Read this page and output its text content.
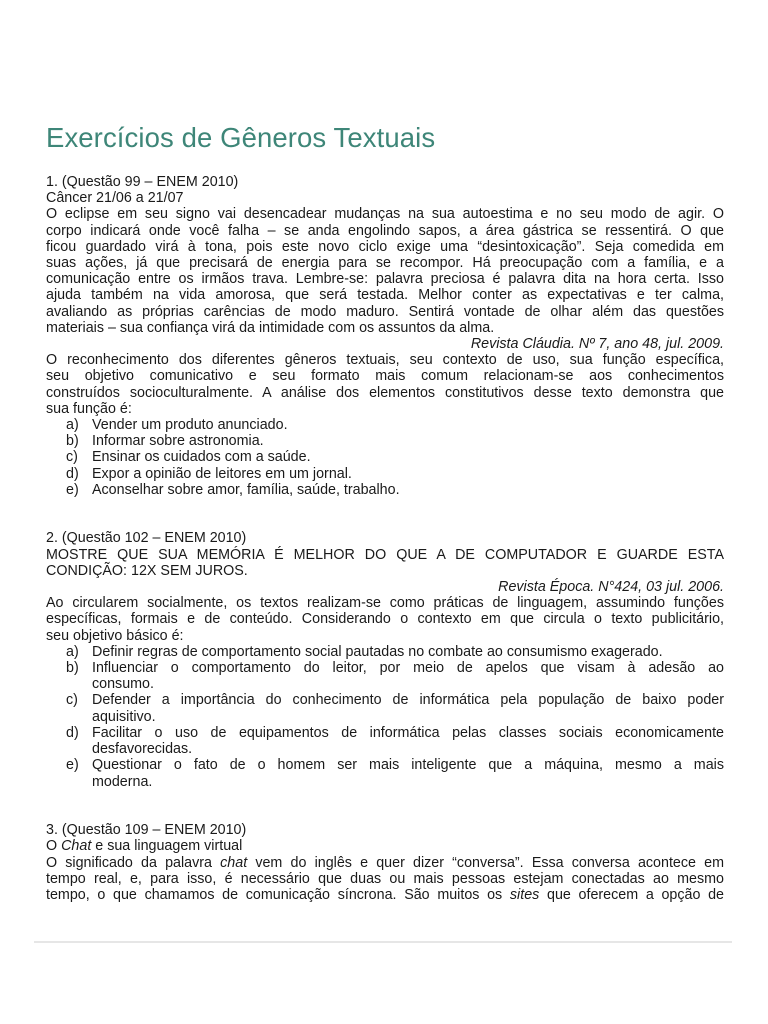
Exercícios de Gêneros Textuais
1. (Questão 99 – ENEM 2010)
Câncer 21/06 a 21/07
O eclipse em seu signo vai desencadear mudanças na sua autoestima e no seu modo de agir. O
corpo indicará onde você falha – se anda engolindo sapos, a área gástrica se ressentirá. O que
ficou guardado virá à tona, pois este novo ciclo exige uma “desintoxicação”. Seja comedida em
suas ações, já que precisará de energia para se recompor. Há preocupação com a família, e a
comunicação entre os irmãos trava. Lembre-se: palavra preciosa é palavra dita na hora certa. Isso
ajuda também na vida amorosa, que será testada. Melhor conter as expectativas e ter calma,
avaliando as próprias carências de modo maduro. Sentirá vontade de olhar além das questões
materiais – sua confiança virá da intimidade com os assuntos da alma.
Revista Cláudia. Nº 7, ano 48, jul. 2009.
O reconhecimento dos diferentes gêneros textuais, seu contexto de uso, sua função específica,
seu objetivo comunicativo e seu formato mais comum relacionam-se aos conhecimentos
construídos socioculturalmente. A análise dos elementos constitutivos desse texto demonstra que
sua função é:
a) Vender um produto anunciado.
b) Informar sobre astronomia.
c) Ensinar os cuidados com a saúde.
d) Expor a opinião de leitores em um jornal.
e) Aconselhar sobre amor, família, saúde, trabalho.
2. (Questão 102 – ENEM 2010)
MOSTRE QUE SUA MEMÓRIA É MELHOR DO QUE A DE COMPUTADOR E GUARDE ESTA
CONDIÇÃO: 12X SEM JUROS.
Revista Época. N°424, 03 jul. 2006.
Ao circularem socialmente, os textos realizam-se como práticas de linguagem, assumindo funções
específicas, formais e de conteúdo. Considerando o contexto em que circula o texto publicitário,
seu objetivo básico é:
a) Definir regras de comportamento social pautadas no combate ao consumismo exagerado.
b) Influenciar o comportamento do leitor, por meio de apelos que visam à adesão ao
consumo.
c) Defender a importância do conhecimento de informática pela população de baixo poder
aquisitivo.
d) Facilitar o uso de equipamentos de informática pelas classes sociais economicamente
desfavorecidas.
e) Questionar o fato de o homem ser mais inteligente que a máquina, mesmo a mais
moderna.
3. (Questão 109 – ENEM 2010)
O Chat e sua linguagem virtual
O significado da palavra chat vem do inglês e quer dizer “conversa”. Essa conversa acontece em
tempo real, e, para isso, é necessário que duas ou mais pessoas estejam conectadas ao mesmo
tempo, o que chamamos de comunicação síncrona. São muitos os sites que oferecem a opção de
